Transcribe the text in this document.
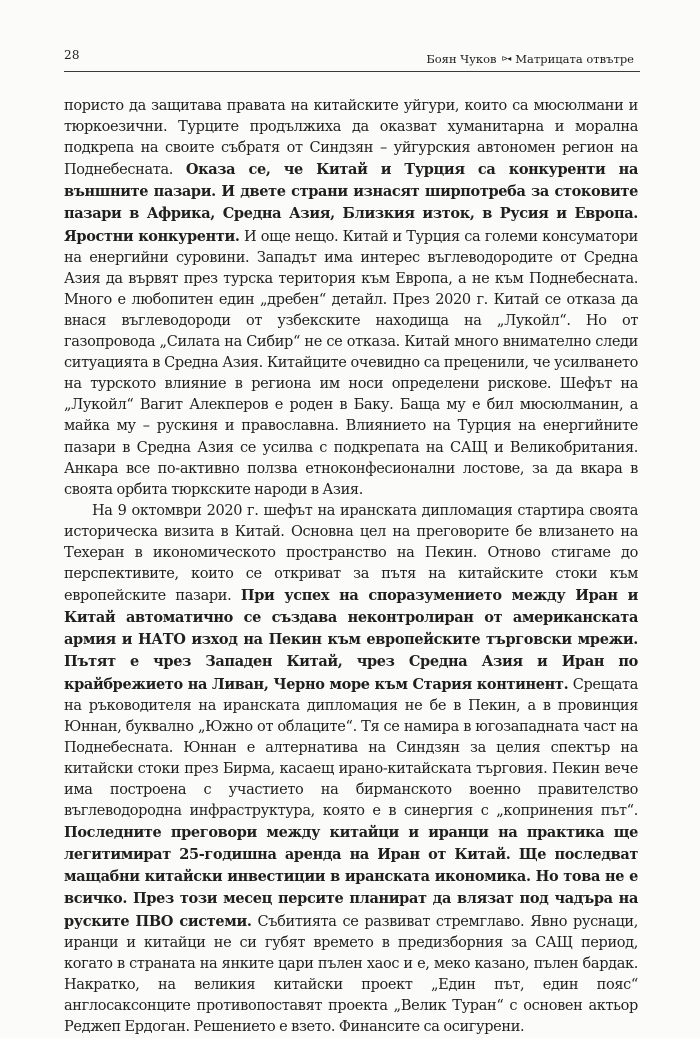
28	Боян Чуков ⊳◂ Матрицата отвътре

пористо да защитава правата на китайските уйгури, които са мюсюлмани и тюркоезични. Турците продължиха да оказват хуманитарна и морална подкрепа на своите събратя от Синдзян – уйгурския автономен регион на Поднебесната. Оказа се, че Китай и Турция са конкуренти на външните пазари. И двете страни изнасят ширпотреба за стоковите пазари в Африка, Средна Азия, Близкия изток, в Русия и Европа. Яростни конкуренти. И още нещо. Китай и Турция са големи консуматори на енергийни суровини. Западът има интерес въглеводородите от Средна Азия да вървят през турска територия към Европа, а не към Поднебесната. Много е любопитен един „дребен“ детайл. През 2020 г. Китай се отказа да внася въглеводороди от узбекските находища на „Лукойл“. Но от газопровода „Силата на Сибир“ не се отказа. Китай много внимателно следи ситуацията в Средна Азия. Китайците очевидно са преценили, че усилването на турското влияние в региона им носи определени рискове. Шефът на „Лукойл“ Вагит Алекперов е роден в Баку. Баща му е бил мюсюлманин, а майка му – рускиня и православна. Влиянието на Турция на енергийните пазари в Средна Азия се усилва с подкрепата на САЩ и Великобритания. Анкара все по-активно ползва етноконфесионални лостове, за да вкара в своята орбита тюркските народи в Азия.

На 9 октомври 2020 г. шефът на иранската дипломация стартира своята историческа визита в Китай. Основна цел на преговорите бе влизането на Техеран в икономическото пространство на Пекин. Отново стигаме до перспективите, които се откриват за пътя на китайските стоки към европейските пазари. При успех на споразумението между Иран и Китай автоматично се създава неконтролиран от американската армия и НАТО изход на Пекин към европейските търговски мрежи. Пътят е чрез Западен Китай, чрез Средна Азия и Иран по крайбрежието на Ливан, Черно море към Стария континент. Срещата на ръководителя на иранската дипломация не бе в Пекин, а в провинция Юннан, буквално „Южно от облаците“. Тя се намира в югозападната част на Поднебесната. Юннан е алтернатива на Синдзян за целия спектър на китайски стоки през Бирма, касаещ ирано-китайската търговия. Пекин вече има построена с участието на бирманското военно правителство въглеводородна инфраструктура, която е в синергия с „копринения път“. Последните преговори между китайци и иранци на практика ще легитимират 25-годишна аренда на Иран от Китай. Ще последват мащабни китайски инвестиции в иранската икономика. Но това не е всичко. През този месец персите планират да влязат под чадъра на руските ПВО системи. Събитията се развиват стремглаво. Явно руснаци, иранци и китайци не си губят времето в предизборния за САЩ период, когато в страната на янките цари пълен хаос и е, меко казано, пълен бардак. Накратко, на великия китайски проект „Един път, един пояс“ англосаксонците противопоставят проекта „Велик Туран“ с основен актьор Реджеп Ердоган. Решението е взето. Финансите са осигурени.
